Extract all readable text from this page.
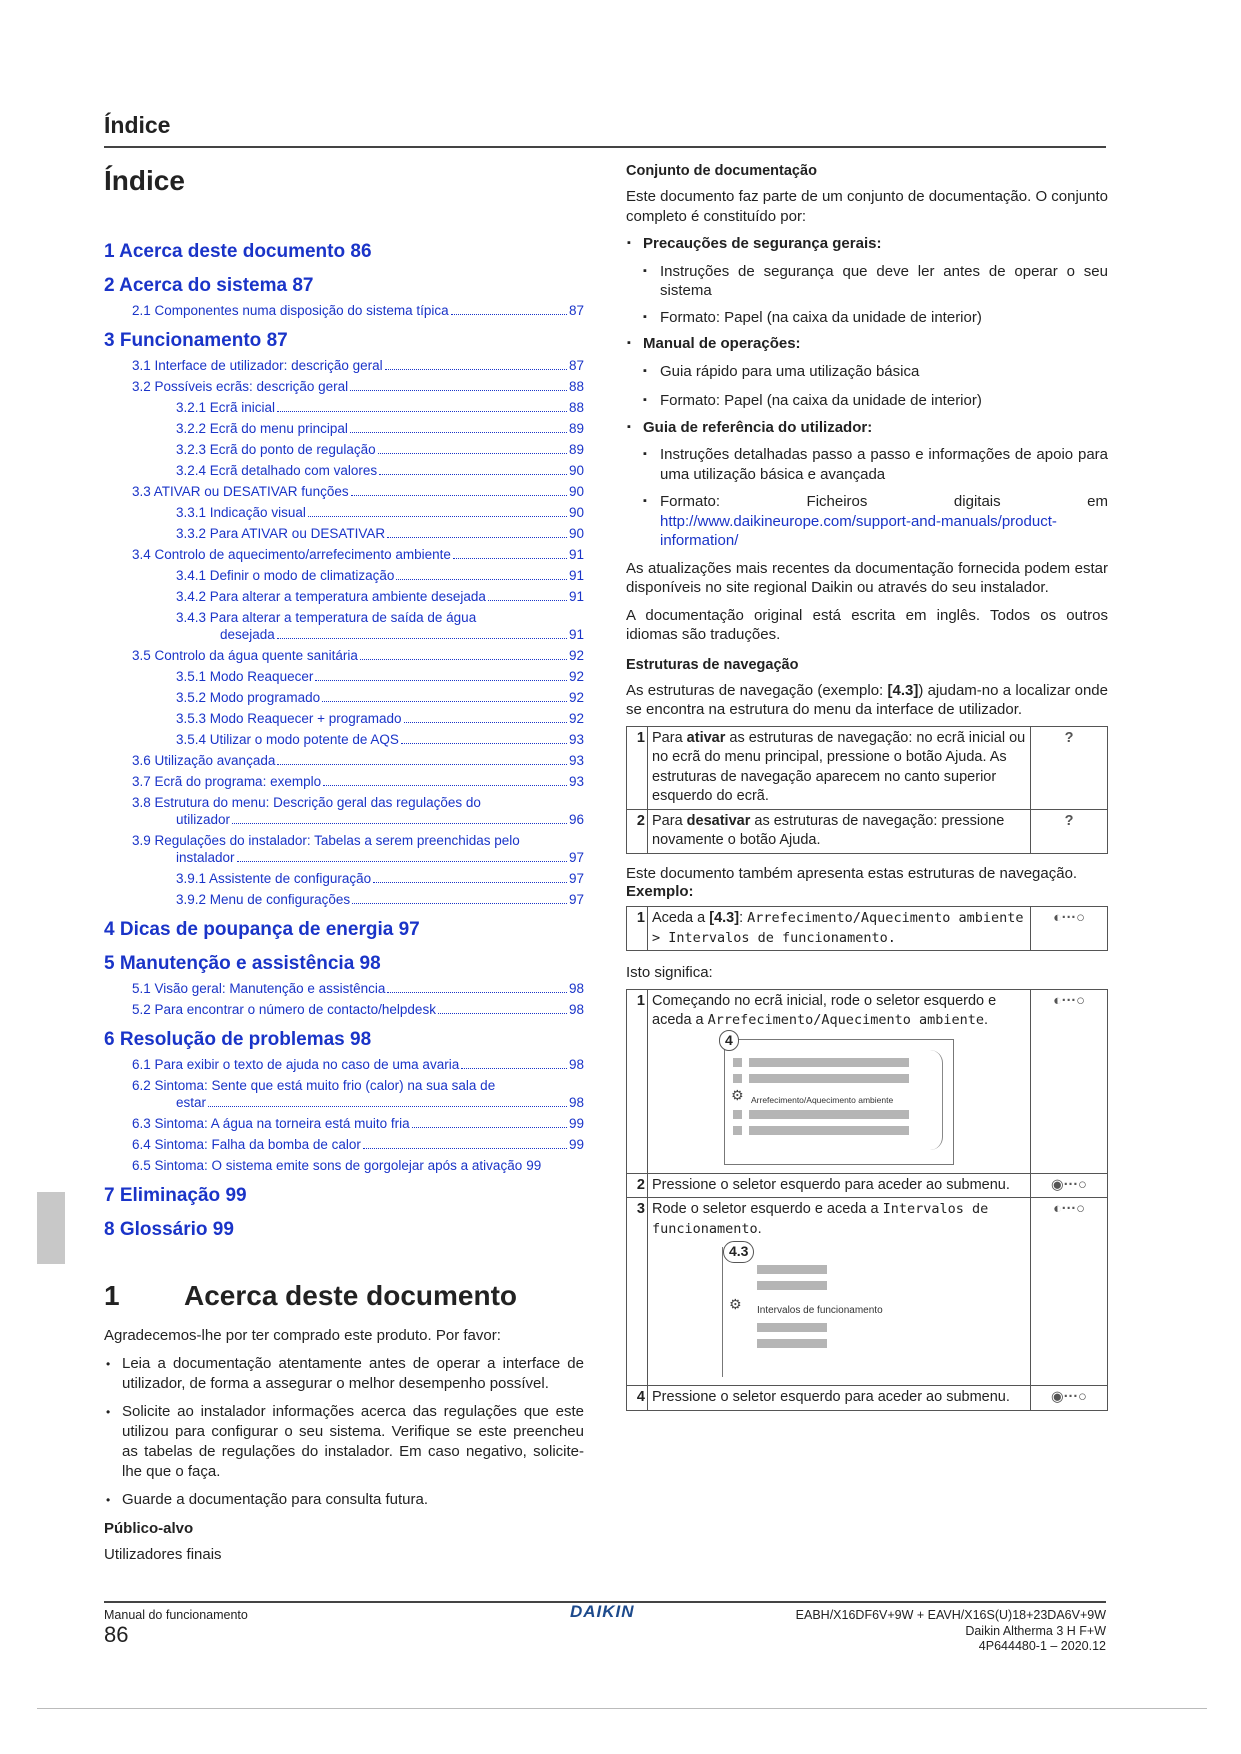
Índice
Índice
1 Acerca deste documento 86
2 Acerca do sistema 87
2.1 Componentes numa disposição do sistema típica	87
3 Funcionamento 87
3.1 Interface de utilizador: descrição geral	87
3.2 Possíveis ecrãs: descrição geral	88
3.2.1 Ecrã inicial	88
3.2.2 Ecrã do menu principal	89
3.2.3 Ecrã do ponto de regulação	89
3.2.4 Ecrã detalhado com valores	90
3.3 ATIVAR ou DESATIVAR funções	90
3.3.1 Indicação visual	90
3.3.2 Para ATIVAR ou DESATIVAR	90
3.4 Controlo de aquecimento/arrefecimento ambiente	91
3.4.1 Definir o modo de climatização	91
3.4.2 Para alterar a temperatura ambiente desejada	91
3.4.3 Para alterar a temperatura de saída de água
desejada	91
3.5 Controlo da água quente sanitária	92
3.5.1 Modo Reaquecer	92
3.5.2 Modo programado	92
3.5.3 Modo Reaquecer + programado	92
3.5.4 Utilizar o modo potente de AQS	93
3.6 Utilização avançada	93
3.7 Ecrã do programa: exemplo	93
3.8 Estrutura do menu: Descrição geral das regulações do
utilizador	96
3.9 Regulações do instalador: Tabelas a serem preenchidas pelo
instalador	97
3.9.1 Assistente de configuração	97
3.9.2 Menu de configurações	97
4 Dicas de poupança de energia 97
5 Manutenção e assistência 98
5.1 Visão geral: Manutenção e assistência	98
5.2 Para encontrar o número de contacto/helpdesk	98
6 Resolução de problemas 98
6.1 Para exibir o texto de ajuda no caso de uma avaria	98
6.2 Sintoma: Sente que está muito frio (calor) na sua sala de
estar	98
6.3 Sintoma: A água na torneira está muito fria	99
6.4 Sintoma: Falha da bomba de calor	99
6.5 Sintoma: O sistema emite sons de gorgolejar após a ativação 99
7 Eliminação 99
8 Glossário 99
1	Acerca deste documento
Agradecemos-lhe por ter comprado este produto. Por favor:
• Leia a documentação atentamente antes de operar a interface de utilizador, de forma a assegurar o melhor desempenho possível.
• Solicite ao instalador informações acerca das regulações que este utilizou para configurar o seu sistema. Verifique se este preencheu as tabelas de regulações do instalador. Em caso negativo, solicite-lhe que o faça.
• Guarde a documentação para consulta futura.
Público-alvo
Utilizadores finais
Conjunto de documentação
Este documento faz parte de um conjunto de documentação. O conjunto completo é constituído por:
▪ Precauções de segurança gerais:
▪ Instruções de segurança que deve ler antes de operar o seu sistema
▪ Formato: Papel (na caixa da unidade de interior)
▪ Manual de operações:
▪ Guia rápido para uma utilização básica
▪ Formato: Papel (na caixa da unidade de interior)
▪ Guia de referência do utilizador:
▪ Instruções detalhadas passo a passo e informações de apoio para uma utilização básica e avançada
▪ Formato: Ficheiros digitais em http://www.daikineurope.com/support-and-manuals/product-information/
As atualizações mais recentes da documentação fornecida podem estar disponíveis no site regional Daikin ou através do seu instalador.
A documentação original está escrita em inglês. Todos os outros idiomas são traduções.
Estruturas de navegação
As estruturas de navegação (exemplo: [4.3]) ajudam-no a localizar onde se encontra na estrutura do menu da interface de utilizador.
1	Para ativar as estruturas de navegação: no ecrã inicial ou no ecrã do menu principal, pressione o botão Ajuda. As estruturas de navegação aparecem no canto superior esquerdo do ecrã.	?
2	Para desativar as estruturas de navegação: pressione novamente o botão Ajuda.	?
Este documento também apresenta estas estruturas de navegação.
Exemplo:
1	Aceda a [4.3]: Arrefecimento/Aquecimento ambiente > Intervalos de funcionamento.	◐···○
Isto significa:
1	Começando no ecrã inicial, rode o seletor esquerdo e aceda a Arrefecimento/Aquecimento ambiente.
4
⚙ Arrefecimento/Aquecimento ambiente	◐···○
2	Pressione o seletor esquerdo para aceder ao submenu.	◉···○
3	Rode o seletor esquerdo e aceda a Intervalos de funcionamento.
4.3
⚙ Intervalos de funcionamento	◐···○
4	Pressione o seletor esquerdo para aceder ao submenu.	◉···○
Manual do funcionamento
86
DAIKIN	EABH/X16DF6V+9W + EAVH/X16S(U)18+23DA6V+9W
Daikin Altherma 3 H F+W
4P644480-1 – 2020.12
